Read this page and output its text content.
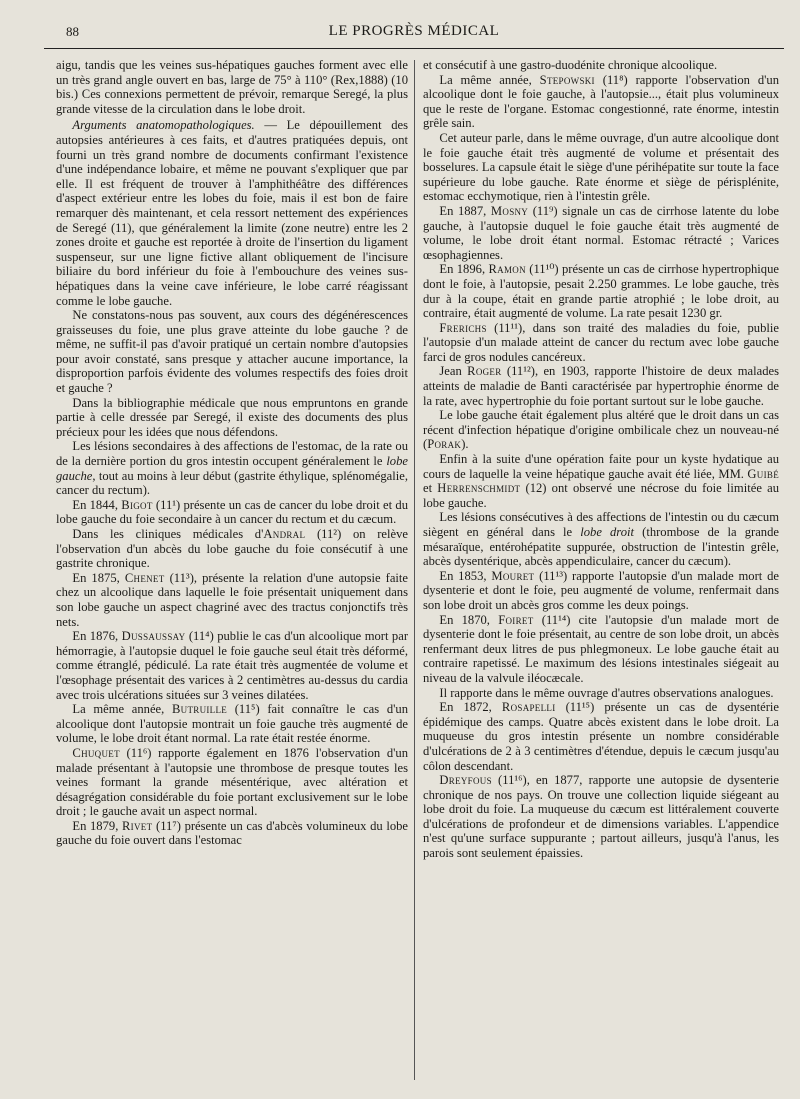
88	LE PROGRÈS MÉDICAL

aigu, tandis que les veines sus-hépatiques gauches forment avec elle un très grand angle ouvert en bas, large de 75° à 110° (Rex,1888) (10 bis.) Ces connexions permettent de prévoir, remarque Seregé, la plus grande vitesse de la circulation dans le lobe droit.

Arguments anatomopathologiques. — Le dépouillement des autopsies antérieures à ces faits, et d'autres pratiquées depuis, ont fourni un très grand nombre de documents confirmant l'existence d'une indépendance lobaire, et même ne pouvant s'expliquer que par elle. Il est fréquent de trouver à l'amphithéâtre des différences d'aspect extérieur entre les lobes du foie, mais il est bon de faire remarquer dès maintenant, et cela ressort nettement des expériences de Seregé (11), que généralement la limite (zone neutre) entre les 2 zones droite et gauche est reportée à droite de l'insertion du ligament suspenseur, sur une ligne fictive allant obliquement de l'incisure biliaire du bord inférieur du foie à l'embouchure des veines sus-hépatiques dans la veine cave inférieure, le lobe carré réagissant comme le lobe gauche.

Ne constatons-nous pas souvent, aux cours des dégénérescences graisseuses du foie, une plus grave atteinte du lobe gauche ? de même, ne suffit-il pas d'avoir pratiqué un certain nombre d'autopsies pour avoir constaté, sans presque y attacher aucune importance, la disproportion parfois évidente des volumes respectifs des foies droit et gauche ?

Dans la bibliographie médicale que nous empruntons en grande partie à celle dressée par Seregé, il existe des documents des plus précieux pour les idées que nous défendons.

Les lésions secondaires à des affections de l'estomac, de la rate ou de la dernière portion du gros intestin occupent généralement le lobe gauche, tout au moins à leur début (gastrite éthylique, splénomégalie, cancer du rectum).

En 1844, Bigot (11¹) présente un cas de cancer du lobe droit et du lobe gauche du foie secondaire à un cancer du rectum et du cæcum.

Dans les cliniques médicales d'Andral (11²) on relève l'observation d'un abcès du lobe gauche du foie consécutif à une gastrite chronique.

En 1875, Chenet (11³), présente la relation d'une autopsie faite chez un alcoolique dans laquelle le foie présentait uniquement dans son lobe gauche un aspect chagriné avec des tractus conjonctifs très nets.

En 1876, Dussaussay (11⁴) publie le cas d'un alcoolique mort par hémorragie, à l'autopsie duquel le foie gauche seul était très déformé, comme étranglé, pédiculé. La rate était très augmentée de volume et l'œsophage présentait des varices à 2 centimètres au-dessus du cardia avec trois ulcérations situées sur 3 veines dilatées.

La même année, Butruille (11⁵) fait connaître le cas d'un alcoolique dont l'autopsie montrait un foie gauche très augmenté de volume, le lobe droit étant normal. La rate était restée énorme.

Chuquet (11⁶) rapporte également en 1876 l'observation d'un malade présentant à l'autopsie une thrombose de presque toutes les veines formant la grande mésentérique, avec altération et désagrégation considérable du foie portant exclusivement sur le lobe droit ; le gauche avait un aspect normal.

En 1879, Rivet (11⁷) présente un cas d'abcès volumineux du lobe gauche du foie ouvert dans l'estomac

et consécutif à une gastro-duodénite chronique alcoolique.

La même année, Stepowski (11⁸) rapporte l'observation d'un alcoolique dont le foie gauche, à l'autopsie..., était plus volumineux que le reste de l'organe. Estomac congestionné, rate énorme, intestin grêle sain.

Cet auteur parle, dans le même ouvrage, d'un autre alcoolique dont le foie gauche était très augmenté de volume et présentait des bosselures. La capsule était le siège d'une périhépatite sur toute la face supérieure du lobe gauche. Rate énorme et siège de périsplénite, estomac ecchymotique, rien à l'intestin grêle.

En 1887, Mosny (11⁹) signale un cas de cirrhose latente du lobe gauche, à l'autopsie duquel le foie gauche était très augmenté de volume, le lobe droit étant normal. Estomac rétracté ; Varices œsophagiennes.

En 1896, Ramon (11¹⁰) présente un cas de cirrhose hypertrophique dont le foie, à l'autopsie, pesait 2.250 grammes. Le lobe gauche, très dur à la coupe, était en grande partie atrophié ; le lobe droit, au contraire, était augmenté de volume. La rate pesait 1230 gr.

Frerichs (11¹¹), dans son traité des maladies du foie, publie l'autopsie d'un malade atteint de cancer du rectum avec lobe gauche farci de gros nodules cancéreux.

Jean Roger (11¹²), en 1903, rapporte l'histoire de deux malades atteints de maladie de Banti caractérisée par hypertrophie énorme de la rate, avec hypertrophie du foie portant surtout sur le lobe gauche.

Le lobe gauche était également plus altéré que le droit dans un cas récent d'infection hépatique d'origine ombilicale chez un nouveau-né (Porak).

Enfin à la suite d'une opération faite pour un kyste hydatique au cours de laquelle la veine hépatique gauche avait été liée, MM. Guibé et Herrenschmidt (12) ont observé une nécrose du foie limitée au lobe gauche.

Les lésions consécutives à des affections de l'intestin ou du cæcum siègent en général dans le lobe droit (thrombose de la grande mésaraïque, entérohépatite suppurée, obstruction de l'intestin grêle, abcès dysentérique, abcès appendiculaire, cancer du cæcum).

En 1853, Mouret (11¹³) rapporte l'autopsie d'un malade mort de dysenterie et dont le foie, peu augmenté de volume, renfermait dans son lobe droit un abcès gros comme les deux poings.

En 1870, Foiret (11¹⁴) cite l'autopsie d'un malade mort de dysenterie dont le foie présentait, au centre de son lobe droit, un abcès renfermant deux litres de pus phlegmoneux. Le lobe gauche était au contraire rapetissé. Le maximum des lésions intestinales siégeait au niveau de la valvule iléocæcale.

Il rapporte dans le même ouvrage d'autres observations analogues.

En 1872, Rosapelli (11¹⁵) présente un cas de dysentérie épidémique des camps. Quatre abcès existent dans le lobe droit. La muqueuse du gros intestin présente un nombre considérable d'ulcérations de 2 à 3 centimètres d'étendue, depuis le cæcum jusqu'au côlon descendant.

Dreyfous (11¹⁶), en 1877, rapporte une autopsie de dysenterie chronique de nos pays. On trouve une collection liquide siégeant au lobe droit du foie. La muqueuse du cæcum est littéralement couverte d'ulcérations de profondeur et de dimensions variables. L'appendice n'est qu'une surface suppurante ; partout ailleurs, jusqu'à l'anus, les parois sont seulement épaissies.
